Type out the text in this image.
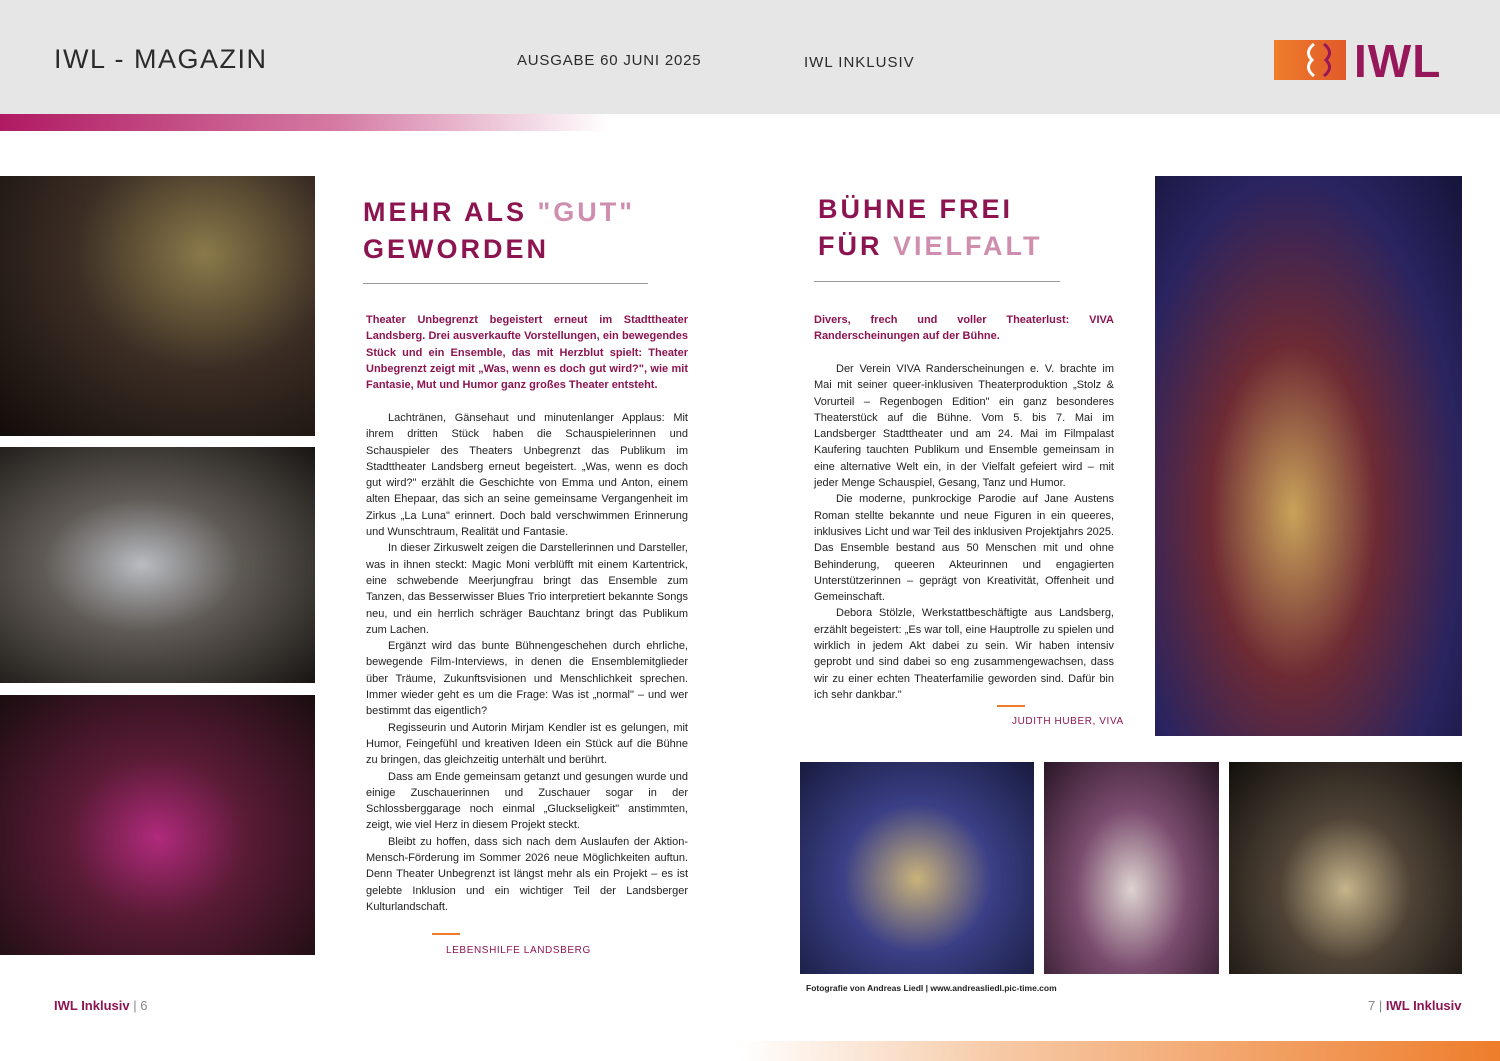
IWL - MAGAZIN	AUSGABE 60 JUNI 2025	IWL INKLUSIV	IWL
MEHR ALS "GUT"
GEWORDEN
Theater Unbegrenzt begeistert erneut im Stadttheater Landsberg. Drei ausverkaufte Vorstellungen, ein bewegendes Stück und ein Ensemble, das mit Herzblut spielt: Theater Unbegrenzt zeigt mit „Was, wenn es doch gut wird?", wie mit Fantasie, Mut und Humor ganz großes Theater entsteht.

Lachtränen, Gänsehaut und minutenlanger Applaus: Mit ihrem dritten Stück haben die Schauspielerinnen und Schauspieler des Theaters Unbegrenzt das Publikum im Stadttheater Landsberg erneut begeistert. „Was, wenn es doch gut wird?" erzählt die Geschichte von Emma und Anton, einem alten Ehepaar, das sich an seine gemeinsame Vergangenheit im Zirkus „La Luna" erinnert. Doch bald verschwimmen Erinnerung und Wunschtraum, Realität und Fantasie.

In dieser Zirkuswelt zeigen die Darstellerinnen und Darsteller, was in ihnen steckt: Magic Moni verblüfft mit einem Kartentrick, eine schwebende Meerjungfrau bringt das Ensemble zum Tanzen, das Besserwisser Blues Trio interpretiert bekannte Songs neu, und ein herrlich schräger Bauchtanz bringt das Publikum zum Lachen.

Ergänzt wird das bunte Bühnengeschehen durch ehrliche, bewegende Film-Interviews, in denen die Ensemblemitglieder über Träume, Zukunftsvisionen und Menschlichkeit sprechen. Immer wieder geht es um die Frage: Was ist „normal" – und wer bestimmt das eigentlich?

Regisseurin und Autorin Mirjam Kendler ist es gelungen, mit Humor, Feingefühl und kreativen Ideen ein Stück auf die Bühne zu bringen, das gleichzeitig unterhält und berührt.

Dass am Ende gemeinsam getanzt und gesungen wurde und einige Zuschauerinnen und Zuschauer sogar in der Schlossberggarage noch einmal „Gluckseligkeit" anstimmten, zeigt, wie viel Herz in diesem Projekt steckt.

Bleibt zu hoffen, dass sich nach dem Auslaufen der Aktion-Mensch-Förderung im Sommer 2026 neue Möglichkeiten auftun. Denn Theater Unbegrenzt ist längst mehr als ein Projekt – es ist gelebte Inklusion und ein wichtiger Teil der Landsberger Kulturlandschaft.

LEBENSHILFE LANDSBERG
BÜHNE FREI
FÜR VIELFALT
Divers, frech und voller Theaterlust: VIVA Randerscheinungen auf der Bühne.

Der Verein VIVA Randerscheinungen e. V. brachte im Mai mit seiner queer-inklusiven Theaterproduktion „Stolz & Vorurteil – Regenbogen Edition" ein ganz besonderes Theaterstück auf die Bühne. Vom 5. bis 7. Mai im Landsberger Stadttheater und am 24. Mai im Filmpalast Kaufering tauchten Publikum und Ensemble gemeinsam in eine alternative Welt ein, in der Vielfalt gefeiert wird – mit jeder Menge Schauspiel, Gesang, Tanz und Humor.

Die moderne, punkrockige Parodie auf Jane Austens Roman stellte bekannte und neue Figuren in ein queeres, inklusives Licht und war Teil des inklusiven Projektjahrs 2025. Das Ensemble bestand aus 50 Menschen mit und ohne Behinderung, queeren Akteurinnen und engagierten Unterstützerinnen – geprägt von Kreativität, Offenheit und Gemeinschaft.

Debora Stölzle, Werkstattbeschäftigte aus Landsberg, erzählt begeistert: „Es war toll, eine Hauptrolle zu spielen und wirklich in jedem Akt dabei zu sein. Wir haben intensiv geprobt und sind dabei so eng zusammengewachsen, dass wir zu einer echten Theaterfamilie geworden sind. Dafür bin ich sehr dankbar."

JUDITH HUBER, VIVA
Fotografie von Andreas Liedl | www.andreasliedl.pic-time.com
IWL Inklusiv | 6	7 | IWL Inklusiv
